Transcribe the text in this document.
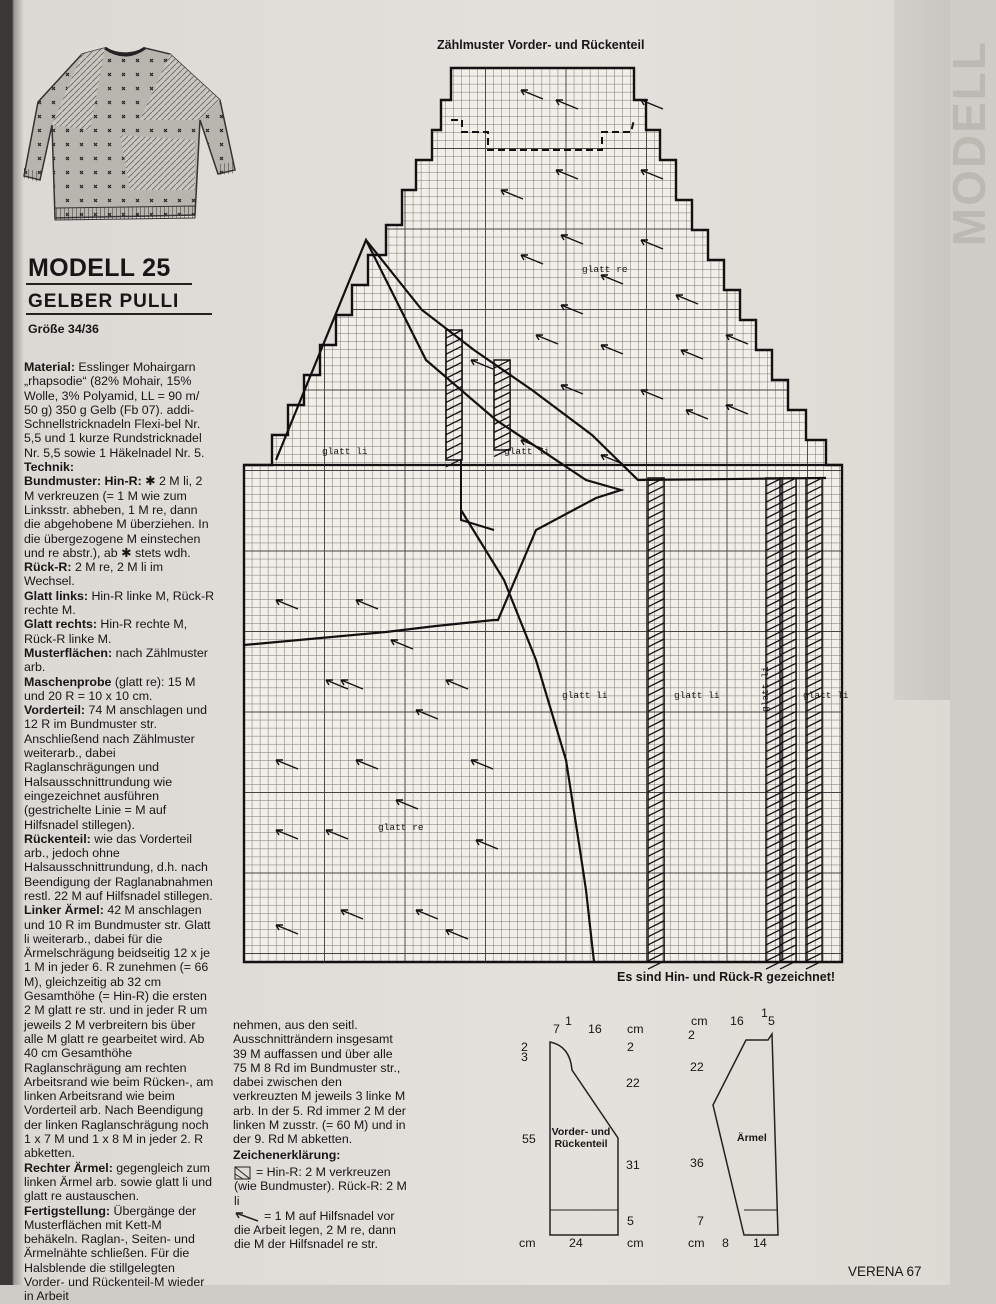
MODELL
MODELL 25
GELBER PULLI
Größe 34/36

Material: Esslinger Mohairgarn „rhapsodie“ (82% Mohair, 15% Wolle, 3% Polyamid, LL = 90 m/ 50 g) 350 g Gelb (Fb 07). addi-Schnellstricknadeln Flexi-bel Nr. 5,5 und 1 kurze Rundstricknadel Nr. 5,5 sowie 1 Häkelnadel Nr. 5.

Technik:

Bundmuster: Hin-R: ✱ 2 M li, 2 M verkreuzen (= 1 M wie zum Linksstr. abheben, 1 M re, dann die abgehobene M überziehen. In die übergezogene M einstechen und re abstr.), ab ✱ stets wdh.

Rück-R: 2 M re, 2 M li im Wechsel.

Glatt links: Hin-R linke M, Rück-R rechte M.

Glatt rechts: Hin-R rechte M, Rück-R linke M.

Musterflächen: nach Zählmuster arb.

Maschenprobe (glatt re): 15 M und 20 R = 10 x 10 cm.

Vorderteil: 74 M anschlagen und 12 R im Bundmuster str. Anschließend nach Zählmuster weiterarb., dabei Raglanschrägungen und Halsausschnittrundung wie eingezeichnet ausführen (gestrichelte Linie = M auf Hilfsnadel stillegen).

Rückenteil: wie das Vorderteil arb., jedoch ohne Halsausschnittrundung, d.h. nach Beendigung der Raglanabnahmen restl. 22 M auf Hilfsnadel stillegen.

Linker Ärmel: 42 M anschlagen und 10 R im Bundmuster str. Glatt li weiterarb., dabei für die Ärmelschrägung beidseitig 12 x je 1 M in jeder 6. R zunehmen (= 66 M), gleichzeitig ab 32 cm Gesamthöhe (= Hin-R) die ersten 2 M glatt re str. und in jeder R um jeweils 2 M verbreitern bis über alle M glatt re gearbeitet wird. Ab 40 cm Gesamthöhe Raglanschrägung am rechten Arbeitsrand wie beim Rücken-, am linken Arbeitsrand wie beim Vorderteil arb. Nach Beendigung der linken Raglanschrägung noch 1 x 7 M und 1 x 8 M in jeder 2. R abketten.

Rechter Ärmel: gegengleich zum linken Ärmel arb. sowie glatt li und glatt re austauschen.

Fertigstellung: Übergänge der Musterflächen mit Kett-M behäkeln. Raglan-, Seiten- und Ärmelnähte schließen. Für die Halsblende die stillgelegten Vorder- und Rückenteil-M wieder in Arbeit

nehmen, aus den seitl. Ausschnitträndern insgesamt 39 M auffassen und über alle 75 M 8 Rd im Bundmuster str., dabei zwischen den verkreuzten M jeweils 3 linke M arb. In der 5. Rd immer 2 M der linken M zusstr. (= 60 M) und in der 9. Rd M abketten.
Zeichenerklärung:
= Hin-R: 2 M verkreuzen (wie Bundmuster). Rück-R: 2 M li
= 1 M auf Hilfsnadel vor die Arbeit legen, 2 M re, dann die M der Hilfsnadel re str.
Zählmuster Vorder- und Rückenteil
Es sind Hin- und Rück-R gezeichnet!
Vorder- und Rückenteil	Ärmel
7
1
16 cm
2
3
2
22
31
5
cm
55
cm	24
cm 16
1
5
2
22
36
7
cm 8 14
VERENA 67
glatt re
glatt li	glatt li
glatt re
glatt li	glatt li	glatt li	glatt li
